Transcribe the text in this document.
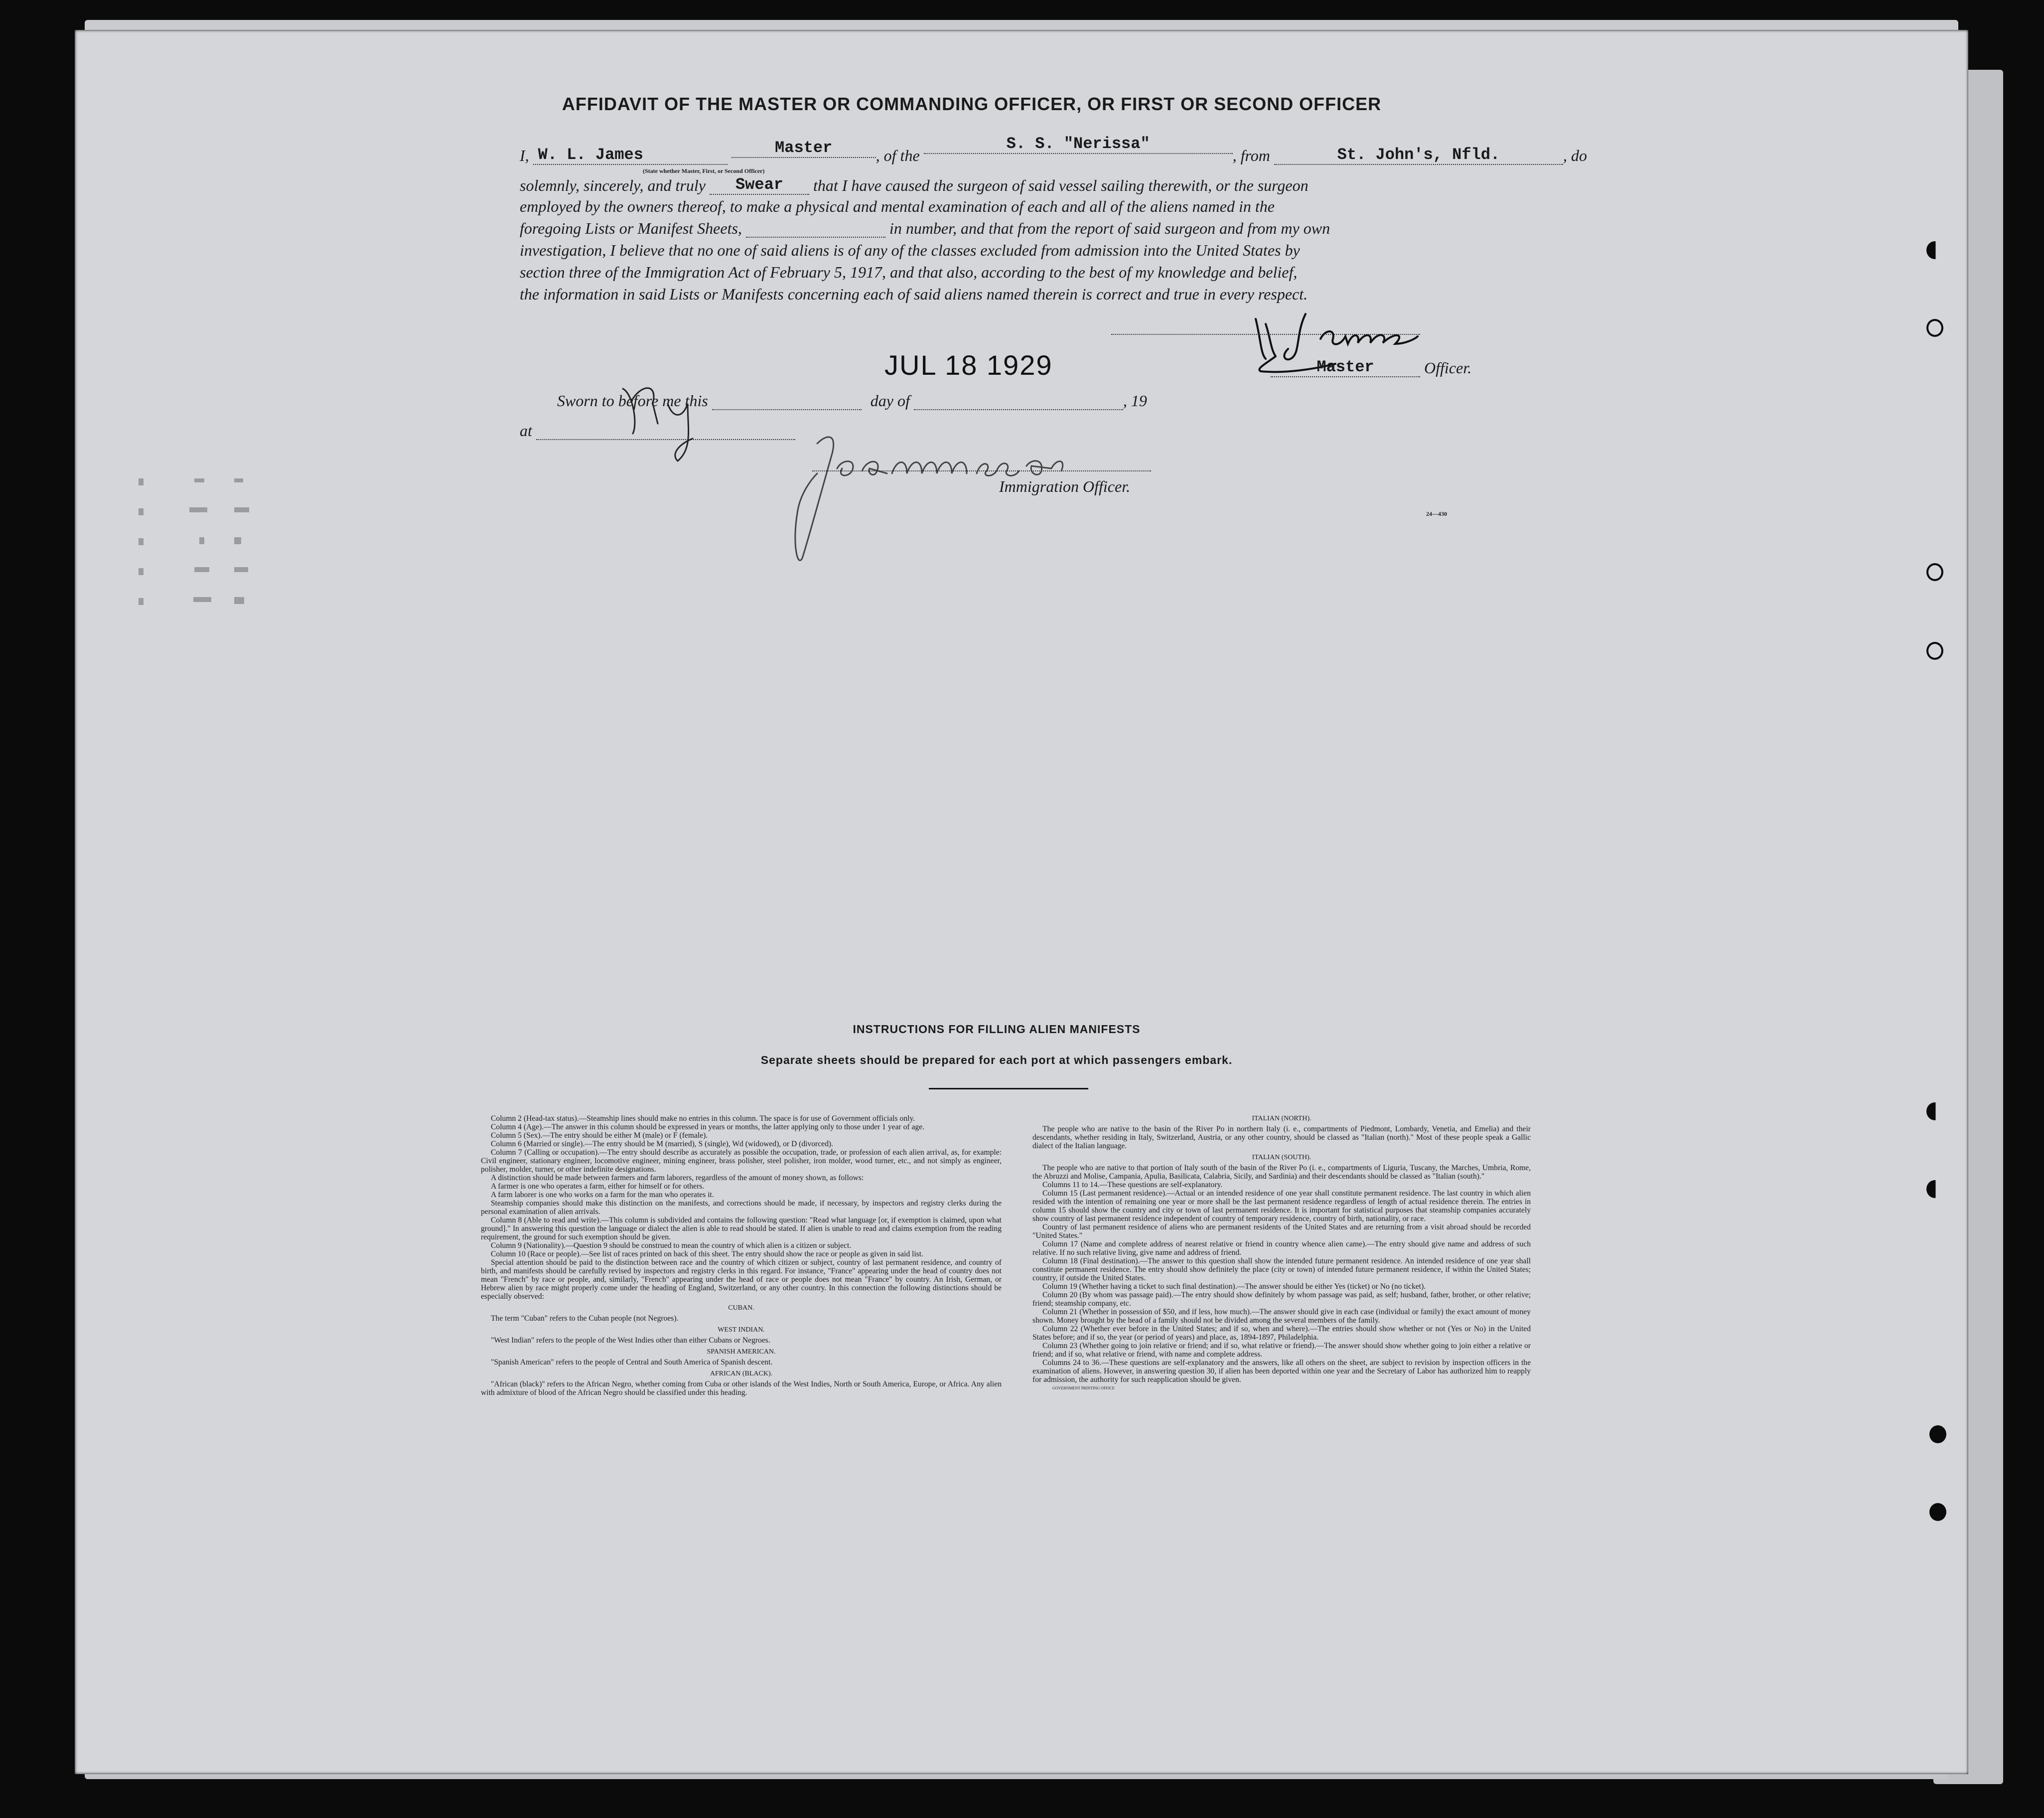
AFFIDAVIT OF THE MASTER OR COMMANDING OFFICER, OR FIRST OR SECOND OFFICER
I, W. L. James	Master	, of the S. S. "Nerissa", from	St. John's, Nfld.	, do
(State whether Master, First, or Second Officer)
solemnly, sincerely, and truly Swear that I have caused the surgeon of said vessel sailing therewith, or the surgeon
employed by the owners thereof, to make a physical and mental examination of each and all of the aliens named in the
foregoing Lists or Manifest Sheets,	in number, and that from the report of said surgeon and from my own
investigation, I believe that no one of said aliens is of any of the classes excluded from admission into the United States by
section three of the Immigration Act of February 5, 1917, and that also, according to the best of my knowledge and belief,
the information in said Lists or Manifests concerning each of said aliens named therein is correct and true in every respect.
Master	Officer.
JUL 18 1929
Sworn to before me this	day of	, 19
at
Immigration Officer.
24—430
INSTRUCTIONS FOR FILLING ALIEN MANIFESTS
Separate sheets should be prepared for each port at which passengers embark.

Column 2 (Head-tax status).—Steamship lines should make no entries in this column. The space is for use of Government officials only.

Column 4 (Age).—The answer in this column should be expressed in years or months, the latter applying only to those under 1 year of age.

Column 5 (Sex).—The entry should be either M (male) or F (female).

Column 6 (Married or single).—The entry should be M (married), S (single), Wd (widowed), or D (divorced).

Column 7 (Calling or occupation).—The entry should describe as accurately as possible the occupation, trade, or profession of each alien arrival, as, for example: Civil engineer, stationary engineer, locomotive engineer, mining engineer, brass polisher, steel polisher, iron molder, wood turner, etc., and not simply as engineer, polisher, molder, turner, or other indefinite designations.

A distinction should be made between farmers and farm laborers, regardless of the amount of money shown, as follows:

A farmer is one who operates a farm, either for himself or for others.

A farm laborer is one who works on a farm for the man who operates it.

Steamship companies should make this distinction on the manifests, and corrections should be made, if necessary, by inspectors and registry clerks during the personal examination of alien arrivals.

Column 8 (Able to read and write).—This column is subdivided and contains the following question: "Read what language [or, if exemption is claimed, upon what ground]." In answering this question the language or dialect the alien is able to read should be stated. If alien is unable to read and claims exemption from the reading requirement, the ground for such exemption should be given.

Column 9 (Nationality).—Question 9 should be construed to mean the country of which alien is a citizen or subject.

Column 10 (Race or people).—See list of races printed on back of this sheet. The entry should show the race or people as given in said list.

Special attention should be paid to the distinction between race and the country of which citizen or subject, country of last permanent residence, and country of birth, and manifests should be carefully revised by inspectors and registry clerks in this regard. For instance, "France" appearing under the head of country does not mean "French" by race or people, and, similarly, "French" appearing under the head of race or people does not mean "France" by country. An Irish, German, or Hebrew alien by race might properly come under the heading of England, Switzerland, or any other country. In this connection the following distinctions should be especially observed:

CUBAN.

The term "Cuban" refers to the Cuban people (not Negroes).

WEST INDIAN.

"West Indian" refers to the people of the West Indies other than either Cubans or Negroes.

SPANISH AMERICAN.

"Spanish American" refers to the people of Central and South America of Spanish descent.

AFRICAN (BLACK).

"African (black)" refers to the African Negro, whether coming from Cuba or other islands of the West Indies, North or South America, Europe, or Africa. Any alien with admixture of blood of the African Negro should be classified under this heading.

ITALIAN (NORTH).

The people who are native to the basin of the River Po in northern Italy (i. e., compartments of Piedmont, Lombardy, Venetia, and Emelia) and their descendants, whether residing in Italy, Switzerland, Austria, or any other country, should be classed as "Italian (north)." Most of these people speak a Gallic dialect of the Italian language.

ITALIAN (SOUTH).

The people who are native to that portion of Italy south of the basin of the River Po (i. e., compartments of Liguria, Tuscany, the Marches, Umbria, Rome, the Abruzzi and Molise, Campania, Apulia, Basilicata, Calabria, Sicily, and Sardinia) and their descendants should be classed as "Italian (south)."

Columns 11 to 14.—These questions are self-explanatory.

Column 15 (Last permanent residence).—Actual or an intended residence of one year shall constitute permanent residence. The last country in which alien resided with the intention of remaining one year or more shall be the last permanent residence regardless of length of actual residence therein. The entries in column 15 should show the country and city or town of last permanent residence. It is important for statistical purposes that steamship companies accurately show country of last permanent residence independent of country of temporary residence, country of birth, nationality, or race.

Country of last permanent residence of aliens who are permanent residents of the United States and are returning from a visit abroad should be recorded "United States."

Column 17 (Name and complete address of nearest relative or friend in country whence alien came).—The entry should give name and address of such relative. If no such relative living, give name and address of friend.

Column 18 (Final destination).—The answer to this question shall show the intended future permanent residence. An intended residence of one year shall constitute permanent residence. The entry should show definitely the place (city or town) of intended future permanent residence, if within the United States; country, if outside the United States.

Column 19 (Whether having a ticket to such final destination).—The answer should be either Yes (ticket) or No (no ticket).

Column 20 (By whom was passage paid).—The entry should show definitely by whom passage was paid, as self; husband, father, brother, or other relative; friend; steamship company, etc.

Column 21 (Whether in possession of $50, and if less, how much).—The answer should give in each case (individual or family) the exact amount of money shown. Money brought by the head of a family should not be divided among the several members of the family.

Column 22 (Whether ever before in the United States; and if so, when and where).—The entries should show whether or not (Yes or No) in the United States before; and if so, the year (or period of years) and place, as, 1894-1897, Philadelphia.

Column 23 (Whether going to join relative or friend; and if so, what relative or friend).—The answer should show whether going to join either a relative or friend; and if so, what relative or friend, with name and complete address.

Columns 24 to 36.—These questions are self-explanatory and the answers, like all others on the sheet, are subject to revision by inspection officers in the examination of aliens. However, in answering question 30, if alien has been deported within one year and the Secretary of Labor has authorized him to reapply for admission, the authority for such reapplication should be given.

GOVERNMENT PRINTING OFFICE
